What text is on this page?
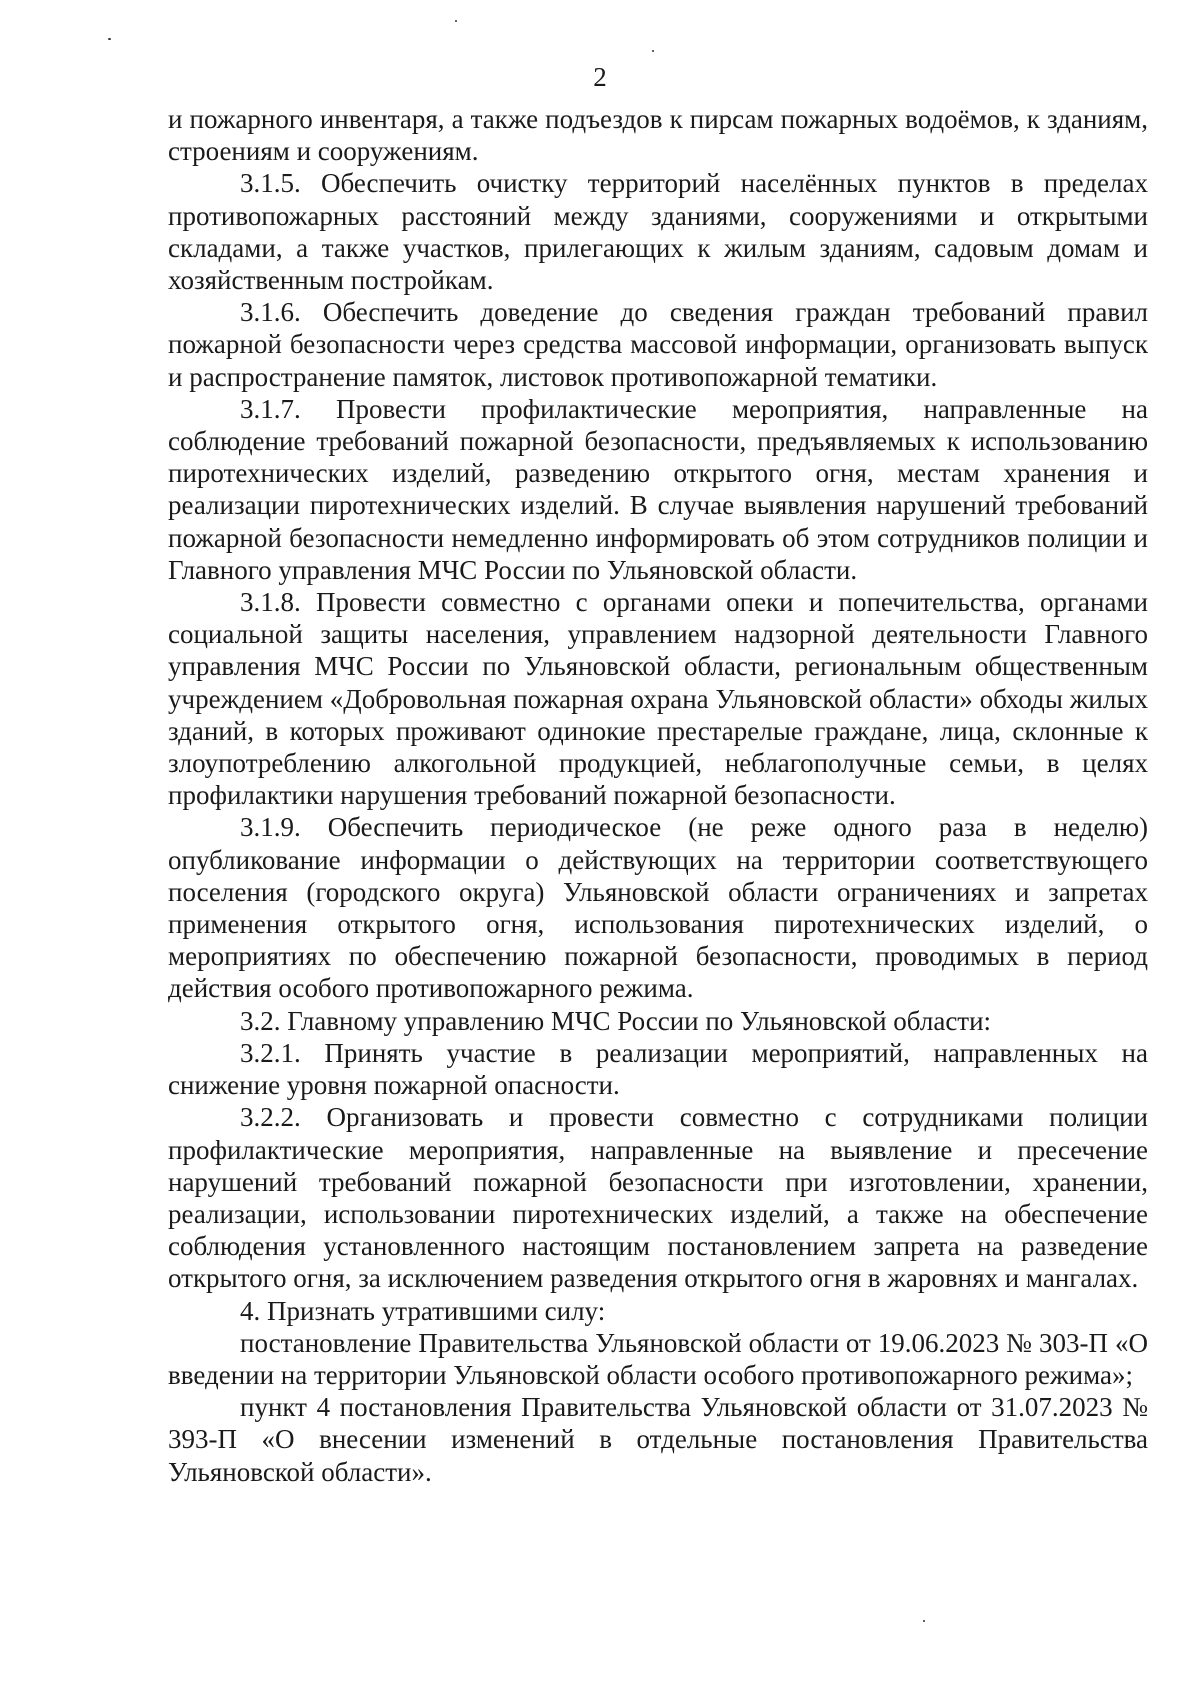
2

и пожарного инвентаря, а также подъездов к пирсам пожарных водоёмов, к зданиям, строениям и сооружениям.

3.1.5. Обеспечить очистку территорий населённых пунктов в пределах противопожарных расстояний между зданиями, сооружениями и открытыми складами, а также участков, прилегающих к жилым зданиям, садовым домам и хозяйственным постройкам.

3.1.6. Обеспечить доведение до сведения граждан требований правил пожарной безопасности через средства массовой информации, организовать выпуск и распространение памяток, листовок противопожарной тематики.

3.1.7. Провести профилактические мероприятия, направленные на соблюдение требований пожарной безопасности, предъявляемых к использованию пиротехнических изделий, разведению открытого огня, местам хранения и реализации пиротехнических изделий. В случае выявления нарушений требований пожарной безопасности немедленно информировать об этом сотрудников полиции и Главного управления МЧС России по Ульяновской области.

3.1.8. Провести совместно с органами опеки и попечительства, органами социальной защиты населения, управлением надзорной деятельности Главного управления МЧС России по Ульяновской области, региональным общественным учреждением «Добровольная пожарная охрана Ульяновской области» обходы жилых зданий, в которых проживают одинокие престарелые граждане, лица, склонные к злоупотреблению алкогольной продукцией, неблагополучные семьи, в целях профилактики нарушения требований пожарной безопасности.

3.1.9. Обеспечить периодическое (не реже одного раза в неделю) опубликование информации о действующих на территории соответствующего поселения (городского округа) Ульяновской области ограничениях и запретах применения открытого огня, использования пиротехнических изделий, о мероприятиях по обеспечению пожарной безопасности, проводимых в период действия особого противопожарного режима.

3.2. Главному управлению МЧС России по Ульяновской области:

3.2.1. Принять участие в реализации мероприятий, направленных на снижение уровня пожарной опасности.

3.2.2. Организовать и провести совместно с сотрудниками полиции профилактические мероприятия, направленные на выявление и пресечение нарушений требований пожарной безопасности при изготовлении, хранении, реализации, использовании пиротехнических изделий, а также на обеспечение соблюдения установленного настоящим постановлением запрета на разведение открытого огня, за исключением разведения открытого огня в жаровнях и мангалах.

4. Признать утратившими силу:

постановление Правительства Ульяновской области от 19.06.2023 № 303-П «О введении на территории Ульяновской области особого противопожарного режима»;

пункт 4 постановления Правительства Ульяновской области от 31.07.2023 № 393-П «О внесении изменений в отдельные постановления Правительства Ульяновской области».
